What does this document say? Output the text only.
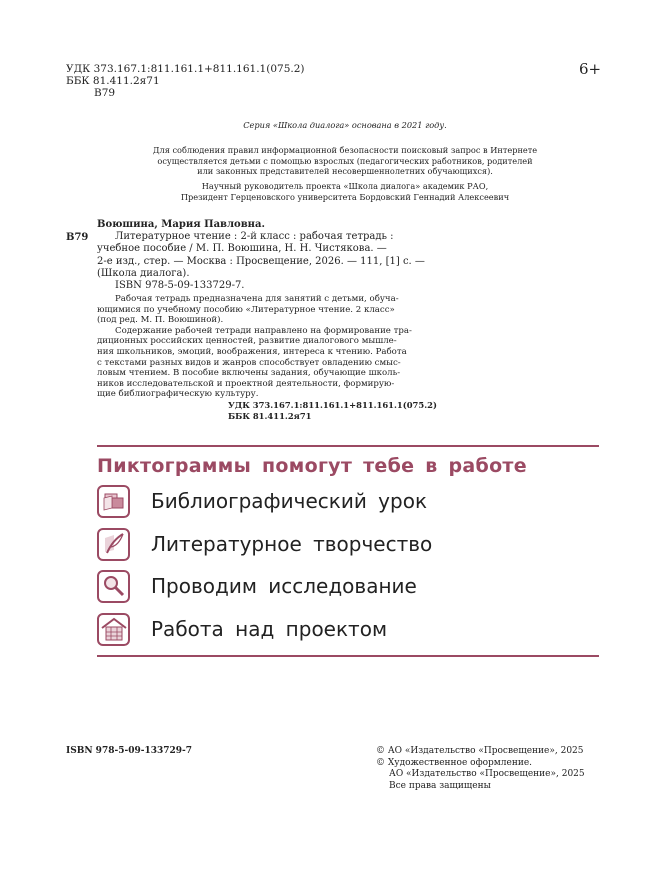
УДК 373.167.1:811.161.1+811.161.1(075.2)
ББК 81.411.2я71
В79
6+
Серия «Школа диалога» основана в 2021 году.
Для соблюдения правил информационной безопасности поисковый запрос в Интернете
осуществляется детьми с помощью взрослых (педагогических работников, родителей
или законных представителей несовершеннолетних обучающихся).
Научный руководитель проекта «Школа диалога» академик РАО,
Президент Герценовского университета Бордовский Геннадий Алексеевич
Воюшина, Мария Павловна.
В79	Литературное чтение : 2-й класс : рабочая тетрадь :
учебное пособие / М. П. Воюшина, Н. Н. Чистякова. —
2-е изд., стер. — Москва : Просвещение, 2026. — 111, [1] с. —
(Школа диалога).
ISBN 978-5-09-133729-7.
Рабочая тетрадь предназначена для занятий с детьми, обуча-
ющимися по учебному пособию «Литературное чтение. 2 класс»
(под ред. М. П. Воюшиной).
Содержание рабочей тетради направлено на формирование тра-
диционных российских ценностей, развитие диалогового мышле-
ния школьников, эмоций, воображения, интереса к чтению. Работа
с текстами разных видов и жанров способствует овладению смыс-
ловым чтением. В пособие включены задания, обучающие школь-
ников исследовательской и проектной деятельности, формирую-
щие библиографическую культуру.
УДК 373.167.1:811.161.1+811.161.1(075.2)
ББК 81.411.2я71
Пиктограммы помогут тебе в работе
Библиографический урок
Литературное творчество
Проводим исследование
Работа над проектом
ISBN 978-5-09-133729-7	© АО «Издательство «Просвещение», 2025
© Художественное оформление.
АО «Издательство «Просвещение», 2025
Все права защищены
